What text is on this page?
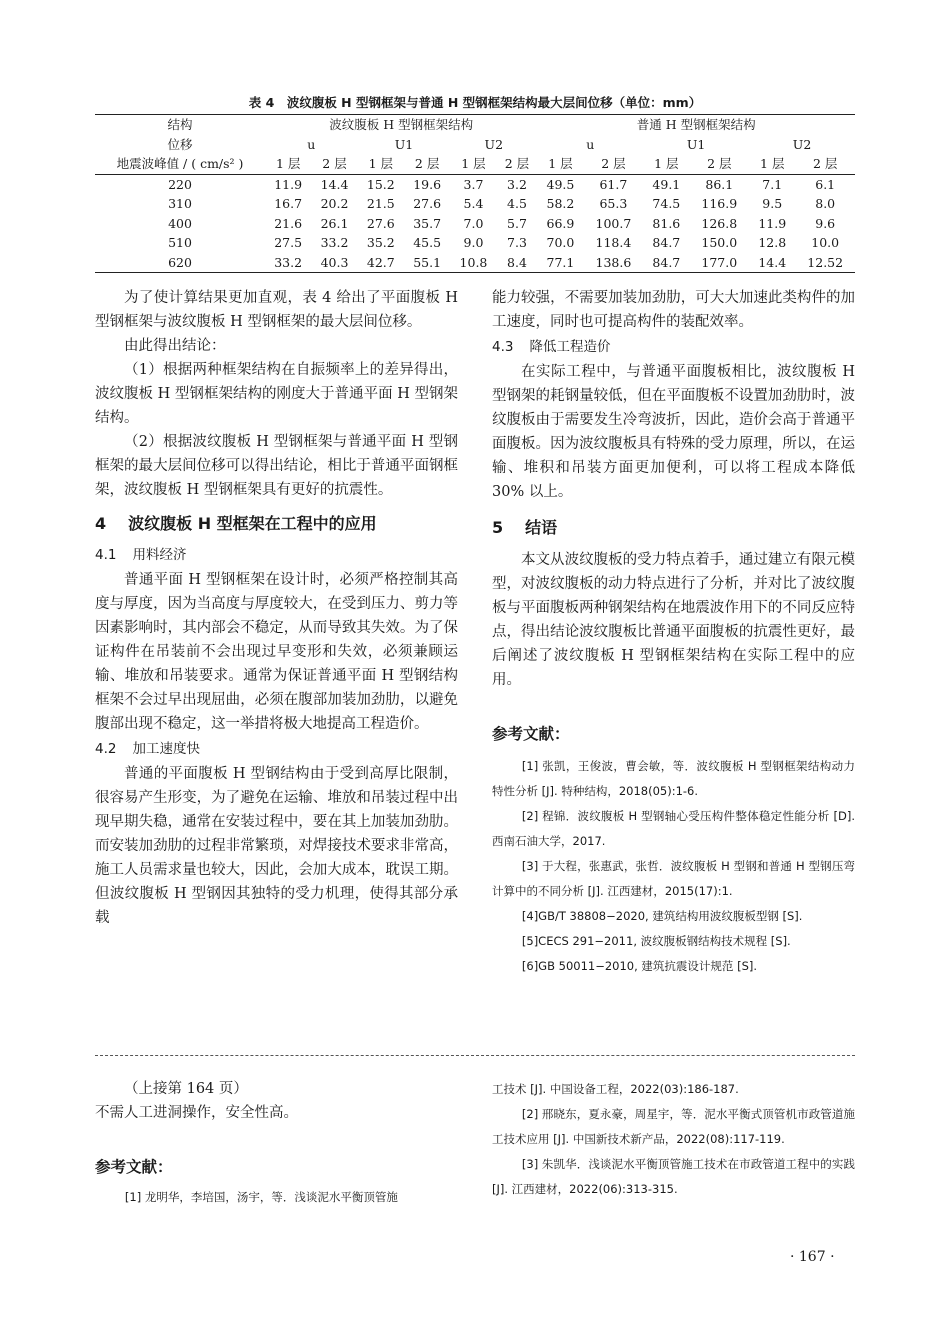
表 4　波纹腹板 H 型钢框架与普通 H 型钢框架结构最大层间位移（单位：mm）
结构	波纹腹板 H 型钢框架结构						普通 H 型钢框架结构					
位移	u		U1		U2		u		U1		U2	
地震波峰值 / ( cm/s² )	1 层	2 层	1 层	2 层	1 层	2 层	1 层	2 层	1 层	2 层	1 层	2 层
220	11.9	14.4	15.2	19.6	3.7	3.2	49.5	61.7	49.1	86.1	7.1	6.1
310	16.7	20.2	21.5	27.6	5.4	4.5	58.2	65.3	74.5	116.9	9.5	8.0
400	21.6	26.1	27.6	35.7	7.0	5.7	66.9	100.7	81.6	126.8	11.9	9.6
510	27.5	33.2	35.2	45.5	9.0	7.3	70.0	118.4	84.7	150.0	12.8	10.0
620	33.2	40.3	42.7	55.1	10.8	8.4	77.1	138.6	84.7	177.0	14.4	12.52

为了使计算结果更加直观，表 4 给出了平面腹板 H 型钢框架与波纹腹板 H 型钢框架的最大层间位移。

由此得出结论：

（1）根据两种框架结构在自振频率上的差异得出，波纹腹板 H 型钢框架结构的刚度大于普通平面 H 型钢架结构。

（2）根据波纹腹板 H 型钢框架与普通平面 H 型钢框架的最大层间位移可以得出结论，相比于普通平面钢框架，波纹腹板 H 型钢框架具有更好的抗震性。

4 波纹腹板 H 型框架在工程中的应用
4.1 用料经济

普通平面 H 型钢框架在设计时，必须严格控制其高度与厚度，因为当高度与厚度较大，在受到压力、剪力等因素影响时，其内部会不稳定，从而导致其失效。为了保证构件在吊装前不会出现过早变形和失效，必须兼顾运输、堆放和吊装要求。通常为保证普通平面 H 型钢结构框架不会过早出现屈曲，必须在腹部加装加劲肋，以避免腹部出现不稳定，这一举措将极大地提高工程造价。

4.2 加工速度快

普通的平面腹板 H 型钢结构由于受到高厚比限制，很容易产生形变，为了避免在运输、堆放和吊装过程中出现早期失稳，通常在安装过程中，要在其上加装加劲肋。而安装加劲肋的过程非常繁琐，对焊接技术要求非常高，施工人员需求量也较大，因此，会加大成本，耽误工期。但波纹腹板 H 型钢因其独特的受力机理，使得其部分承载

能力较强，不需要加装加劲肋，可大大加速此类构件的加工速度，同时也可提高构件的装配效率。

4.3 降低工程造价

在实际工程中，与普通平面腹板相比，波纹腹板 H 型钢架的耗钢量较低，但在平面腹板不设置加劲肋时，波纹腹板由于需要发生冷弯波折，因此，造价会高于普通平面腹板。因为波纹腹板具有特殊的受力原理，所以，在运输、堆积和吊装方面更加便利，可以将工程成本降低 30% 以上。

5 结语

本文从波纹腹板的受力特点着手，通过建立有限元模型，对波纹腹板的动力特点进行了分析，并对比了波纹腹板与平面腹板两种钢架结构在地震波作用下的不同反应特点，得出结论波纹腹板比普通平面腹板的抗震性更好，最后阐述了波纹腹板 H 型钢框架结构在实际工程中的应用。

参考文献：

[1] 张凯，王俊波，曹会敏，等．波纹腹板 H 型钢框架结构动力特性分析 [J]. 特种结构，2018(05):1-6.

[2] 程锦．波纹腹板 H 型钢轴心受压构件整体稳定性能分析 [D]. 西南石油大学，2017.

[3] 于大程，张惠武，张哲．波纹腹板 H 型钢和普通 H 型钢压弯计算中的不同分析 [J]. 江西建材，2015(17):1.

[4]GB/T 38808−2020, 建筑结构用波纹腹板型钢 [S].

[5]CECS 291−2011, 波纹腹板钢结构技术规程 [S].

[6]GB 50011−2010, 建筑抗震设计规范 [S].

（上接第 164 页）

不需人工进洞操作，安全性高。

参考文献：

[1] 龙明华，李培国，汤宇，等．浅谈泥水平衡顶管施

工技术 [J]. 中国设备工程，2022(03):186-187.

[2] 邢晓东，夏永豪，周星宇，等．泥水平衡式顶管机市政管道施工技术应用 [J]. 中国新技术新产品，2022(08):117-119.

[3] 朱凯华．浅谈泥水平衡顶管施工技术在市政管道工程中的实践 [J]. 江西建材，2022(06):313-315.

· 167 ·
